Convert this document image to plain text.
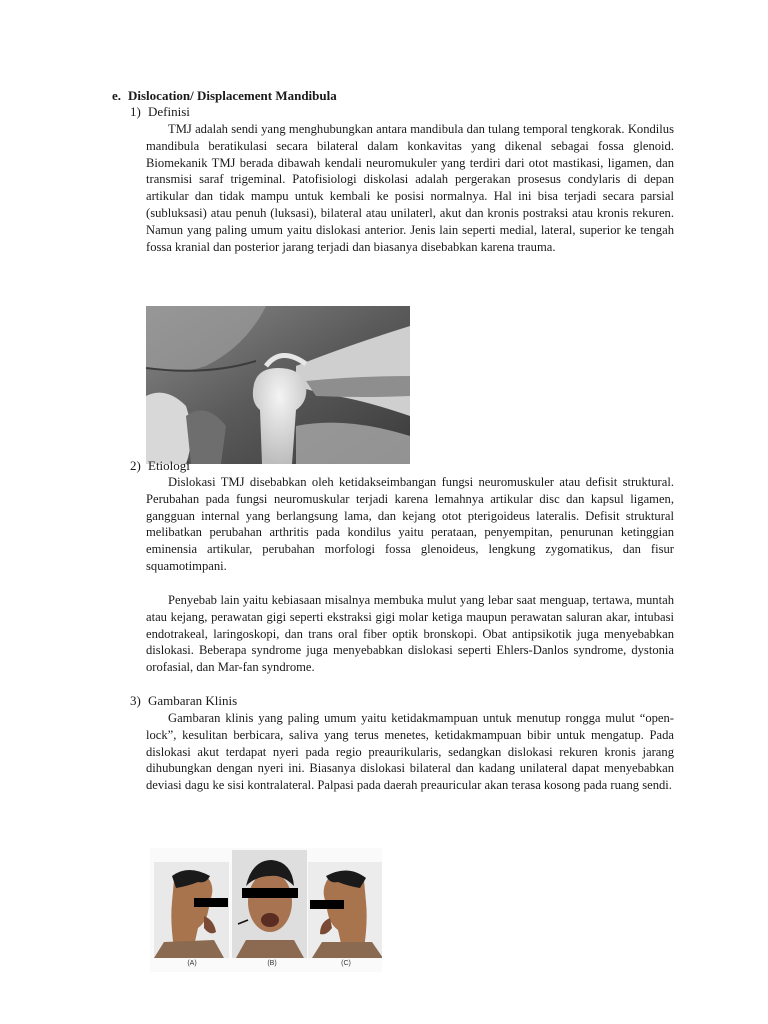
e. Dislocation/ Displacement Mandibula
1) Definisi

TMJ adalah sendi yang menghubungkan antara mandibula dan tulang temporal tengkorak. Kondilus mandibula beratikulasi secara bilateral dalam konkavitas yang dikenal sebagai fossa glenoid. Biomekanik TMJ berada dibawah kendali neuromukuler yang terdiri dari otot mastikasi, ligamen, dan transmisi saraf trigeminal. Patofisiologi diskolasi adalah pergerakan prosesus condylaris di depan artikular dan tidak mampu untuk kembali ke posisi normalnya. Hal ini bisa terjadi secara parsial (subluksasi) atau penuh (luksasi), bilateral atau unilaterl, akut dan kronis postraksi atau kronis rekuren. Namun yang paling umum yaitu dislokasi anterior. Jenis lain seperti medial, lateral, superior ke tengah fossa kranial dan posterior jarang terjadi dan biasanya disebabkan karena trauma.

2) Etiologi

Dislokasi TMJ disebabkan oleh ketidakseimbangan fungsi neuromuskuler atau defisit struktural. Perubahan pada fungsi neuromuskular terjadi karena lemahnya artikular disc dan kapsul ligamen, gangguan internal yang berlangsung lama, dan kejang otot pterigoideus lateralis. Defisit struktural melibatkan perubahan arthritis pada kondilus yaitu perataan, penyempitan, penurunan ketinggian eminensia artikular, perubahan morfologi fossa glenoideus, lengkung zygomatikus, dan fisur squamotimpani.

Penyebab lain yaitu kebiasaan misalnya membuka mulut yang lebar saat menguap, tertawa, muntah atau kejang, perawatan gigi seperti ekstraksi gigi molar ketiga maupun perawatan saluran akar, intubasi endotrakeal, laringoskopi, dan trans oral fiber optik bronskopi. Obat antipsikotik juga menyebabkan dislokasi. Beberapa syndrome juga menyebabkan dislokasi seperti Ehlers-Danlos syndrome, dystonia orofasial, dan Mar-fan syndrome.

3) Gambaran Klinis

Gambaran klinis yang paling umum yaitu ketidakmampuan untuk menutup rongga mulut “open-lock”, kesulitan berbicara, saliva yang terus menetes, ketidakmampuan bibir untuk mengatup. Pada dislokasi akut terdapat nyeri pada regio preaurikularis, sedangkan dislokasi rekuren kronis jarang dihubungkan dengan nyeri ini. Biasanya dislokasi bilateral dan kadang unilateral dapat menyebabkan deviasi dagu ke sisi kontralateral. Palpasi pada daerah preauricular akan terasa kosong pada ruang sendi.

(A)	(B)	(C)
